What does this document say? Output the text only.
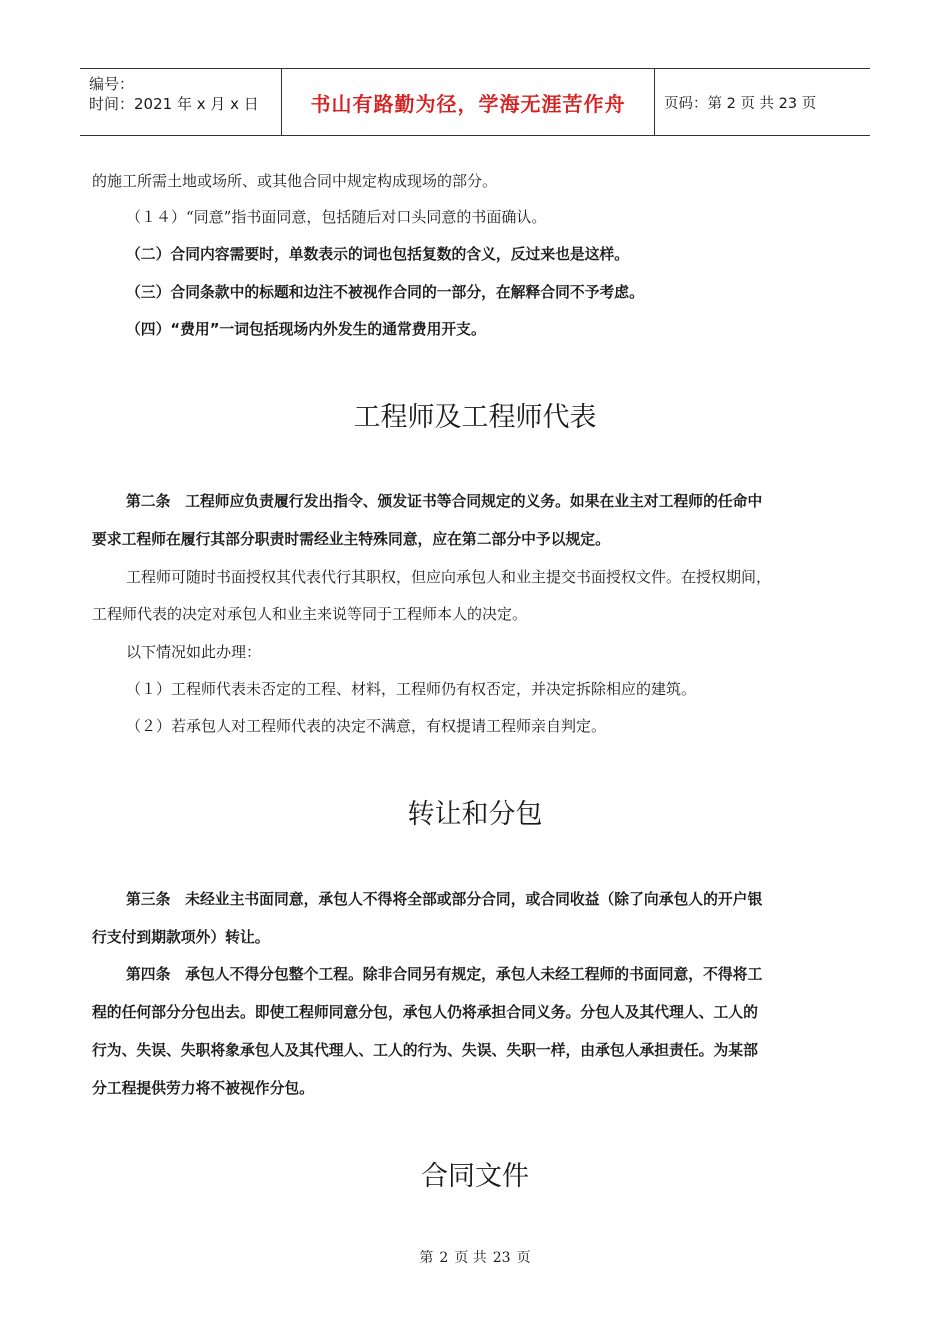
编号：
时间：2021 年 x 月 x 日	书山有路勤为径，学海无涯苦作舟	页码：第 2 页 共 23 页
的施工所需土地或场所、或其他合同中规定构成现场的部分。
（１４）“同意”指书面同意，包括随后对口头同意的书面确认。
（二）合同内容需要时，单数表示的词也包括复数的含义，反过来也是这样。
（三）合同条款中的标题和边注不被视作合同的一部分，在解释合同不予考虑。
（四）“费用”一词包括现场内外发生的通常费用开支。
工程师及工程师代表
第二条　工程师应负责履行发出指令、颁发证书等合同规定的义务。如果在业主对工程师的任命中
要求工程师在履行其部分职责时需经业主特殊同意，应在第二部分中予以规定。
工程师可随时书面授权其代表代行其职权，但应向承包人和业主提交书面授权文件。在授权期间，
工程师代表的决定对承包人和业主来说等同于工程师本人的决定。
以下情况如此办理：
（１）工程师代表未否定的工程、材料，工程师仍有权否定，并决定拆除相应的建筑。
（２）若承包人对工程师代表的决定不满意，有权提请工程师亲自判定。
转让和分包
第三条　未经业主书面同意，承包人不得将全部或部分合同，或合同收益（除了向承包人的开户银
行支付到期款项外）转让。
第四条　承包人不得分包整个工程。除非合同另有规定，承包人未经工程师的书面同意，不得将工
程的任何部分分包出去。即使工程师同意分包，承包人仍将承担合同义务。分包人及其代理人、工人的
行为、失误、失职将象承包人及其代理人、工人的行为、失误、失职一样，由承包人承担责任。为某部
分工程提供劳力将不被视作分包。
合同文件
第 2 页 共 23 页
